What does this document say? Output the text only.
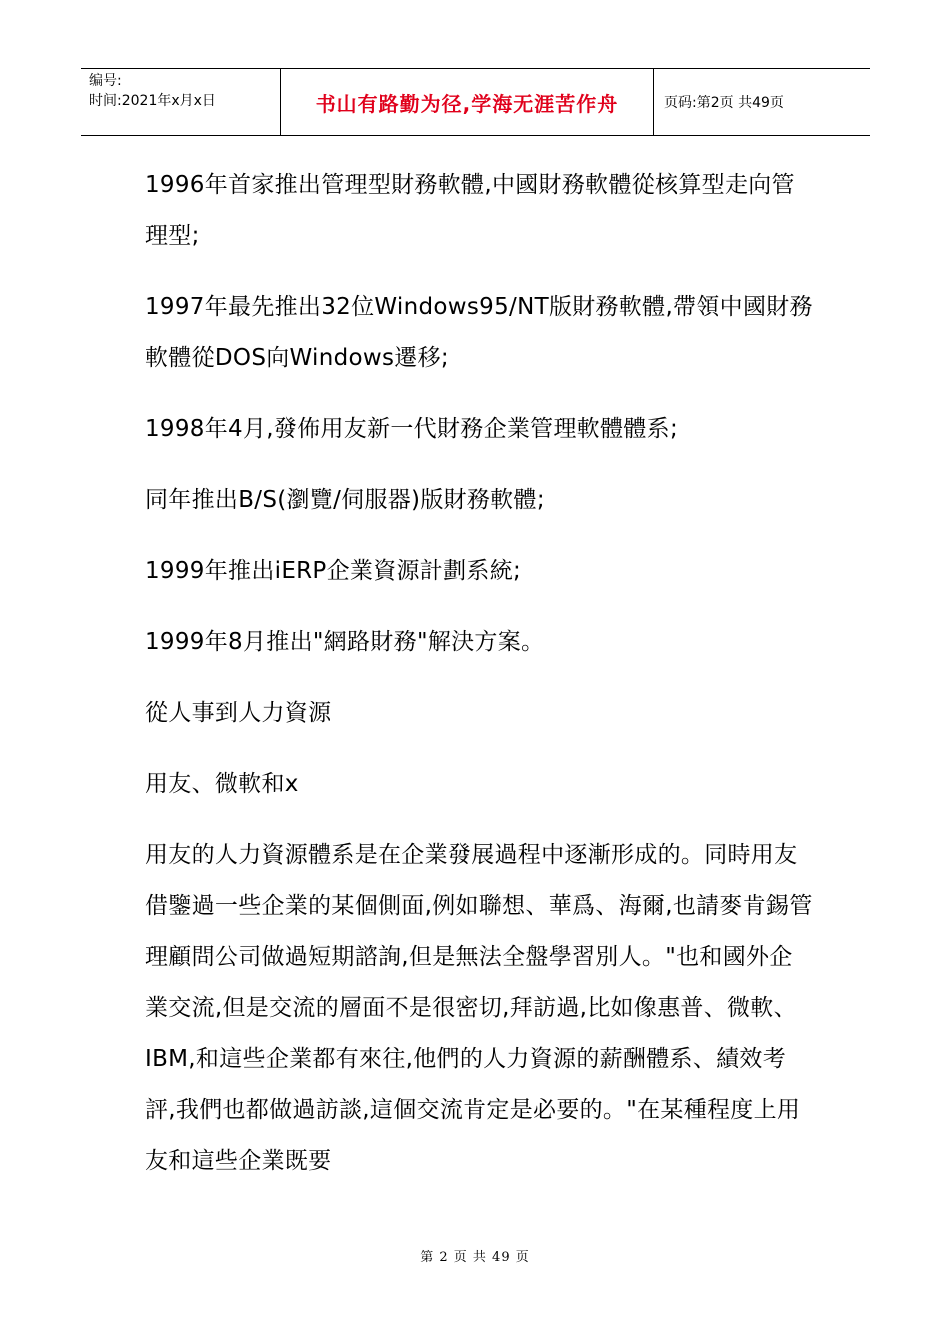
编号:
时间:2021年x月x日	书山有路勤为径,学海无涯苦作舟	页码:第2页 共49页

1996年首家推出管理型財務軟體,中國財務軟體從核算型走向管理型;

1997年最先推出32位Windows95/NT版財務軟體,帶領中國財務軟體從DOS向Windows遷移;

1998年4月,發佈用友新一代財務企業管理軟體體系;

同年推出B/S(瀏覽/伺服器)版財務軟體;

1999年推出iERP企業資源計劃系統;

1999年8月推出"網路財務"解決方案。

從人事到人力資源

用友、微軟和x

用友的人力資源體系是在企業發展過程中逐漸形成的。同時用友借鑒過一些企業的某個側面,例如聯想、華爲、海爾,也請麥肯錫管理顧問公司做過短期諮詢,但是無法全盤學習別人。"也和國外企業交流,但是交流的層面不是很密切,拜訪過,比如像惠普、微軟、IBM,和這些企業都有來往,他們的人力資源的薪酬體系、績效考評,我們也都做過訪談,這個交流肯定是必要的。"在某種程度上用友和這些企業既要

第 2 页 共 49 页
